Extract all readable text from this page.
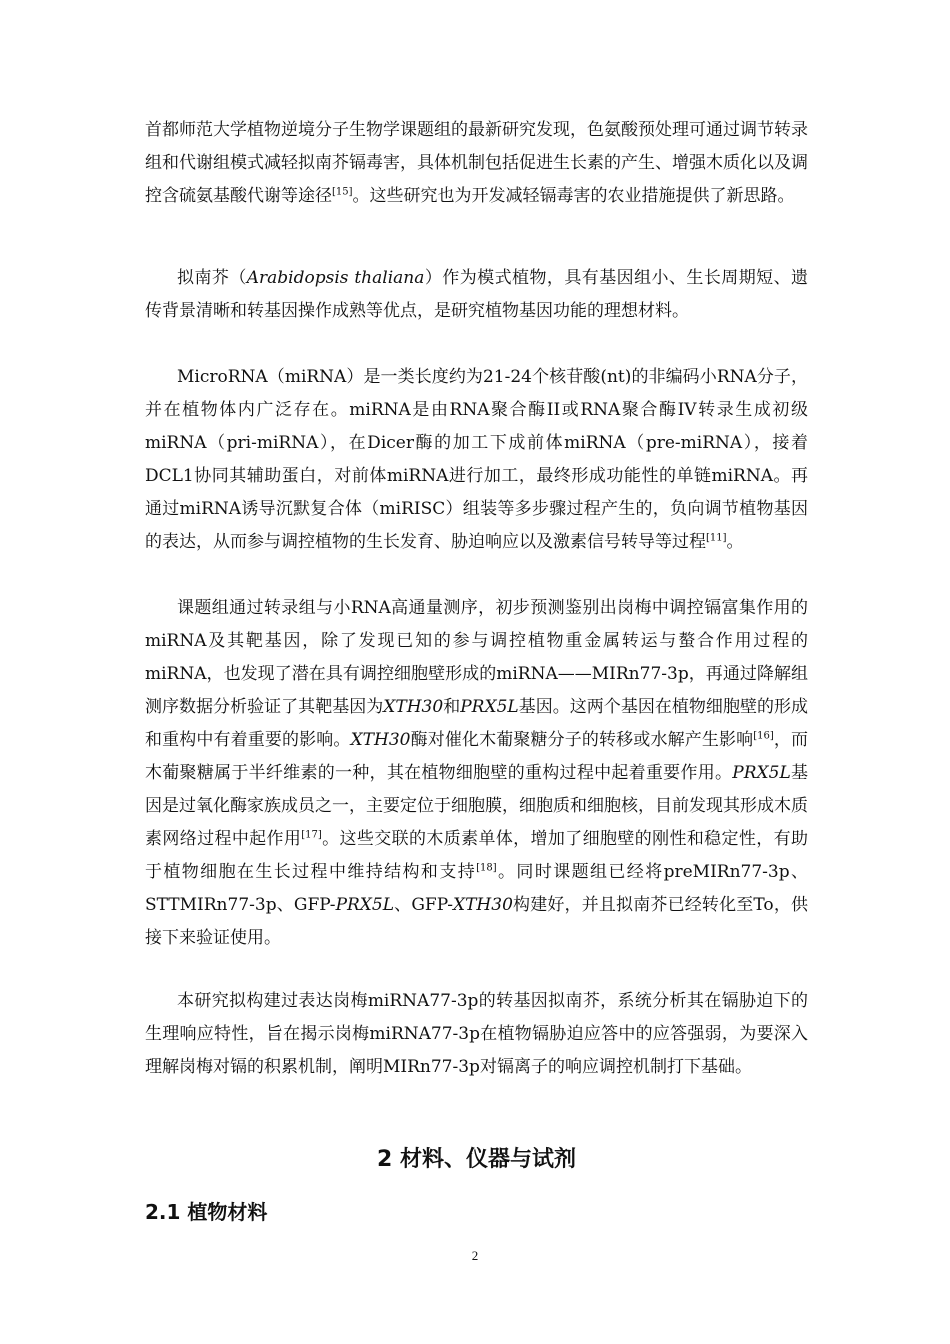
首都师范大学植物逆境分子生物学课题组的最新研究发现，色氨酸预处理可通过调节转录组和代谢组模式减轻拟南芥镉毒害，具体机制包括促进生长素的产生、增强木质化以及调控含硫氨基酸代谢等途径[15]。这些研究也为开发减轻镉毒害的农业措施提供了新思路。

拟南芥（Arabidopsis thaliana）作为模式植物，具有基因组小、生长周期短、遗传背景清晰和转基因操作成熟等优点，是研究植物基因功能的理想材料。

MicroRNA（miRNA）是一类长度约为21-24个核苷酸(nt)的非编码小RNA分子，并在植物体内广泛存在。miRNA是由RNA聚合酶II或RNA聚合酶IV转录生成初级miRNA（pri-miRNA），在Dicer酶的加工下成前体miRNA（pre-miRNA），接着DCL1协同其辅助蛋白，对前体miRNA进行加工，最终形成功能性的单链miRNA。再通过miRNA诱导沉默复合体（miRISC）组装等多步骤过程产生的，负向调节植物基因的表达，从而参与调控植物的生长发育、胁迫响应以及激素信号转导等过程[11]。

课题组通过转录组与小RNA高通量测序，初步预测鉴别出岗梅中调控镉富集作用的miRNA及其靶基因，除了发现已知的参与调控植物重金属转运与螯合作用过程的miRNA，也发现了潜在具有调控细胞壁形成的miRNA——MIRn77-3p，再通过降解组测序数据分析验证了其靶基因为XTH30和PRX5L基因。这两个基因在植物细胞壁的形成和重构中有着重要的影响。XTH30酶对催化木葡聚糖分子的转移或水解产生影响[16]，而木葡聚糖属于半纤维素的一种，其在植物细胞壁的重构过程中起着重要作用。PRX5L基因是过氧化酶家族成员之一，主要定位于细胞膜，细胞质和细胞核，目前发现其形成木质素网络过程中起作用[17]。这些交联的木质素单体，增加了细胞壁的刚性和稳定性，有助于植物细胞在生长过程中维持结构和支持[18]。同时课题组已经将preMIRn77-3p、STTMIRn77-3p、GFP-PRX5L、GFP-XTH30构建好，并且拟南芥已经转化至To，供接下来验证使用。

本研究拟构建过表达岗梅miRNA77-3p的转基因拟南芥，系统分析其在镉胁迫下的生理响应特性，旨在揭示岗梅miRNA77-3p在植物镉胁迫应答中的应答强弱，为要深入理解岗梅对镉的积累机制，阐明MIRn77-3p对镉离子的响应调控机制打下基础。

2 材料、仪器与试剂
2.1 植物材料
2
